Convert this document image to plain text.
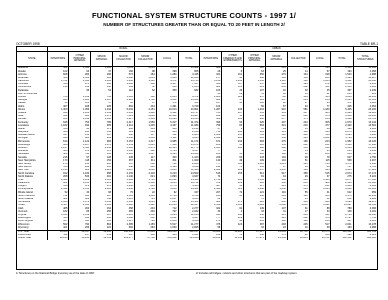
FUNCTIONAL SYSTEM STRUCTURE COUNTS - 1997 1/
NUMBER OF STRUCTURES GREATER THAN OR EQUAL TO 20 FEET IN LENGTH 2/
OCTOBER 1998	TABLE BR-1
	RURAL							URBAN							
STATE	INTERSTATE	OTHER PRINCIPAL ARTERIAL	MINOR ARTERIAL	MAJOR COLLECTOR	MINOR COLLECTOR	LOCAL	TOTAL	INTERSTATE	OTHER FREEWAYS AND EXPRESSWAYS	OTHER PRINCIPAL ARTERIAL	MINOR ARTERIAL	COLLECTOR	LOCAL	TOTAL	TOTAL STRUCTURES
Alabama	582	1,338	1,016	3,111	2,065	5,370	13,482	386	3	410	301	263	193	1,556	15,038
Alaska	102	64	37	166	98	398	865	26	8	63	25	14	57	193	1,058
Arizona	828	284	296	573	184	1,280	3,445	421	161	350	279	134	198	1,543	4,988
Arkansas	568	1,051	905	2,488	1,614	5,408	12,034	277	40	248	183	156	289	1,193	13,227
California	1,702	1,658	1,404	3,060	1,540	4,372	13,736	3,156	1,930	1,543	1,112	598	1,043	9,382	23,118
Colorado	556	673	463	1,066	462	4,137	7,357	436	117	337	291	125	272	1,578	8,935
Connecticut	199	142	248	394	52	618	1,653	882	165	419	484	282	321	2,553	4,206
Delaware		95	54	112	62	359	682	103	33	107	40	39	45	367	1,049
Dist. of Columbia								45	29	51	46	13	41	225	225
Florida	706	1,199	763	1,191	508	2,005	6,372	1,006	328	957	790	419	563	4,063	10,435
Georgia	843	1,460	1,197	2,929	1,708	5,052	13,189	824	57	524	367	294	259	2,325	15,514
Hawaii	34	101	57	90	97	172	551	167	60	103	90	27	24	471	1,022
Idaho	407	408	225	894	404	1,391	3,729	102		56	57	33	77	325	4,054
Illinois	1,303	1,056	1,244	5,034	2,151	10,013	20,801	1,287	243	1,204	910	581	1,180	5,405	26,206
Indiana	994	1,106	1,149	3,384	1,942	8,162	16,737	705	107	541	381	347	605	2,686	19,423
Iowa	632	850	1,174	7,019	2,880	12,412	24,967	222	52	256	212	221	473	1,436	26,403
Kansas	834	1,016	1,106	2,917	3,184	15,096	24,153	439	193	290	277	175	234	1,608	25,761
Kentucky	645	754	785	2,417	1,556	5,317	11,474	396	94	425	207	243	305	1,670	13,144
Louisiana	1,182	944	905	2,211	1,405	4,437	11,084	759	83	564	321	216	477	2,420	13,504
Maine	358	94	371	602	409	380	2,214	67	3	85	99	55	89	398	2,612
Maryland	458	291	339	524	284	914	2,810	716	243	401	311	189	413	2,273	5,083
Massachusetts	597	154	397	508	117	512	2,285	1,028	455	704	590	408	510	3,695	5,980
Michigan	848	660	869	2,452	1,104	3,112	9,045	1,044	282	605	439	323	1,101	3,794	12,839
Minnesota	614	1,122	983	3,153	1,317	3,985	11,174	671	234	383	275	166	223	1,952	13,126
Mississippi	628	1,127	1,176	3,154	2,205	7,580	15,870	266	50	416	155	202	231	1,320	17,190
Missouri	1,237	1,390	2,232	4,318	2,474	10,125	21,776	1,043	194	682	448	359	618	3,344	25,120
Montana	428	478	370	1,058	498	1,785	4,617	77		46	35	14	63	235	4,852
Nebraska	400	798	853	2,183	1,367	9,325	14,926	180	35	203	140	68	208	834	15,760
Nevada	216	97	128	245	117	300	1,103	229	64	143	104	29	78	647	1,750
New Hampshire	170	118	152	367	311	811	1,929	140	49	109	104	51	115	568	2,497
New Jersey	279	216	245	547	262	731	2,280	777	503	1,014	1,013	523	740	4,570	6,850
New Mexico	518	292	234	648	242	1,120	3,054	292	75	135	97	49	89	737	3,791
New York	1,140	822	1,421	2,887	1,296	3,860	11,426	1,662	809	1,157	1,233	549	993	6,403	17,829
North Carolina	912	1,160	958	3,139	2,118	6,213	14,500	515	155	614	517	358	515	2,674	17,174
North Dakota	268	534	491	1,140	621	1,893	4,947	74		81	44	29	47	275	5,222
Ohio	1,349	1,129	1,315	4,296	1,795	11,232	21,116	1,739	461	1,134	969	645	1,329	6,277	27,393
Oklahoma	802	1,135	1,219	3,625	2,148	9,813	18,742	672	109	495	366	255	489	2,386	21,128
Oregon	558	676	476	1,262	685	1,776	5,433	407	93	317	213	175	231	1,436	6,869
Pennsylvania	1,392	1,131	1,481	3,640	1,728	5,209	14,581	1,446	521	1,268	1,056	644	1,145	6,080	20,661
Rhode Island	52	34	68	79	22	92	347	207	72	121	116	55	41	612	959
South Carolina	742	934	847	2,119	1,409	2,718	8,769	295	60	442	304	185	189	1,475	10,244
South Dakota	402	606	558	1,415	795	2,837	6,613	62		73	39	25	52	251	6,864
Tennessee	1,048	1,176	1,211	3,166	1,895	7,085	15,581	980	178	826	602	481	626	3,693	19,274
Texas	2,587	2,812	3,104	6,418	3,922	13,814	32,657	4,316	1,302	2,829	2,008	1,251	1,991	13,697	46,354
Utah	485	264	154	458	204	712	2,277	322	62	149	107	61	88	789	3,066
Vermont	182	86	256	465	246	797	2,032	30	4	33	31	17	34	149	2,181
Virginia	1,054	1,159	997	2,615	1,538	3,893	11,256	843	198	646	413	293	391	2,784	14,040
Washington	526	498	493	1,096	602	1,812	5,027	777	219	551	425	282	473	2,727	7,754
West Virginia	437	395	533	1,127	728	2,818	6,038	170	42	205	140	120	250	927	6,965
Wisconsin	562	790	864	2,385	1,159	5,517	11,277	475	124	387	293	205	517	2,001	13,278
Wyoming	421	266	222	582	284	1,050	2,825	58		33	23	10	39	163	2,988
U.S. Total	39,028	38,017	39,280	108,630	57,604	249,658	532,217	38,024	10,280	27,627	21,085	12,751	21,575	131,342	663,559
Puerto Rico	112	247	259	447	182	384	1,631	212	78	248	174	92	186	990	2,621
Grand Total	39,140	38,264	39,539	109,077	57,786	250,042	533,848	38,236	10,358	27,875	21,259	12,843	21,761	132,332	666,180
1/ Structures on the National Bridge Inventory as of the date of 1997.	2/ Includes all bridges, culverts and other structures that are part of the roadway system.
